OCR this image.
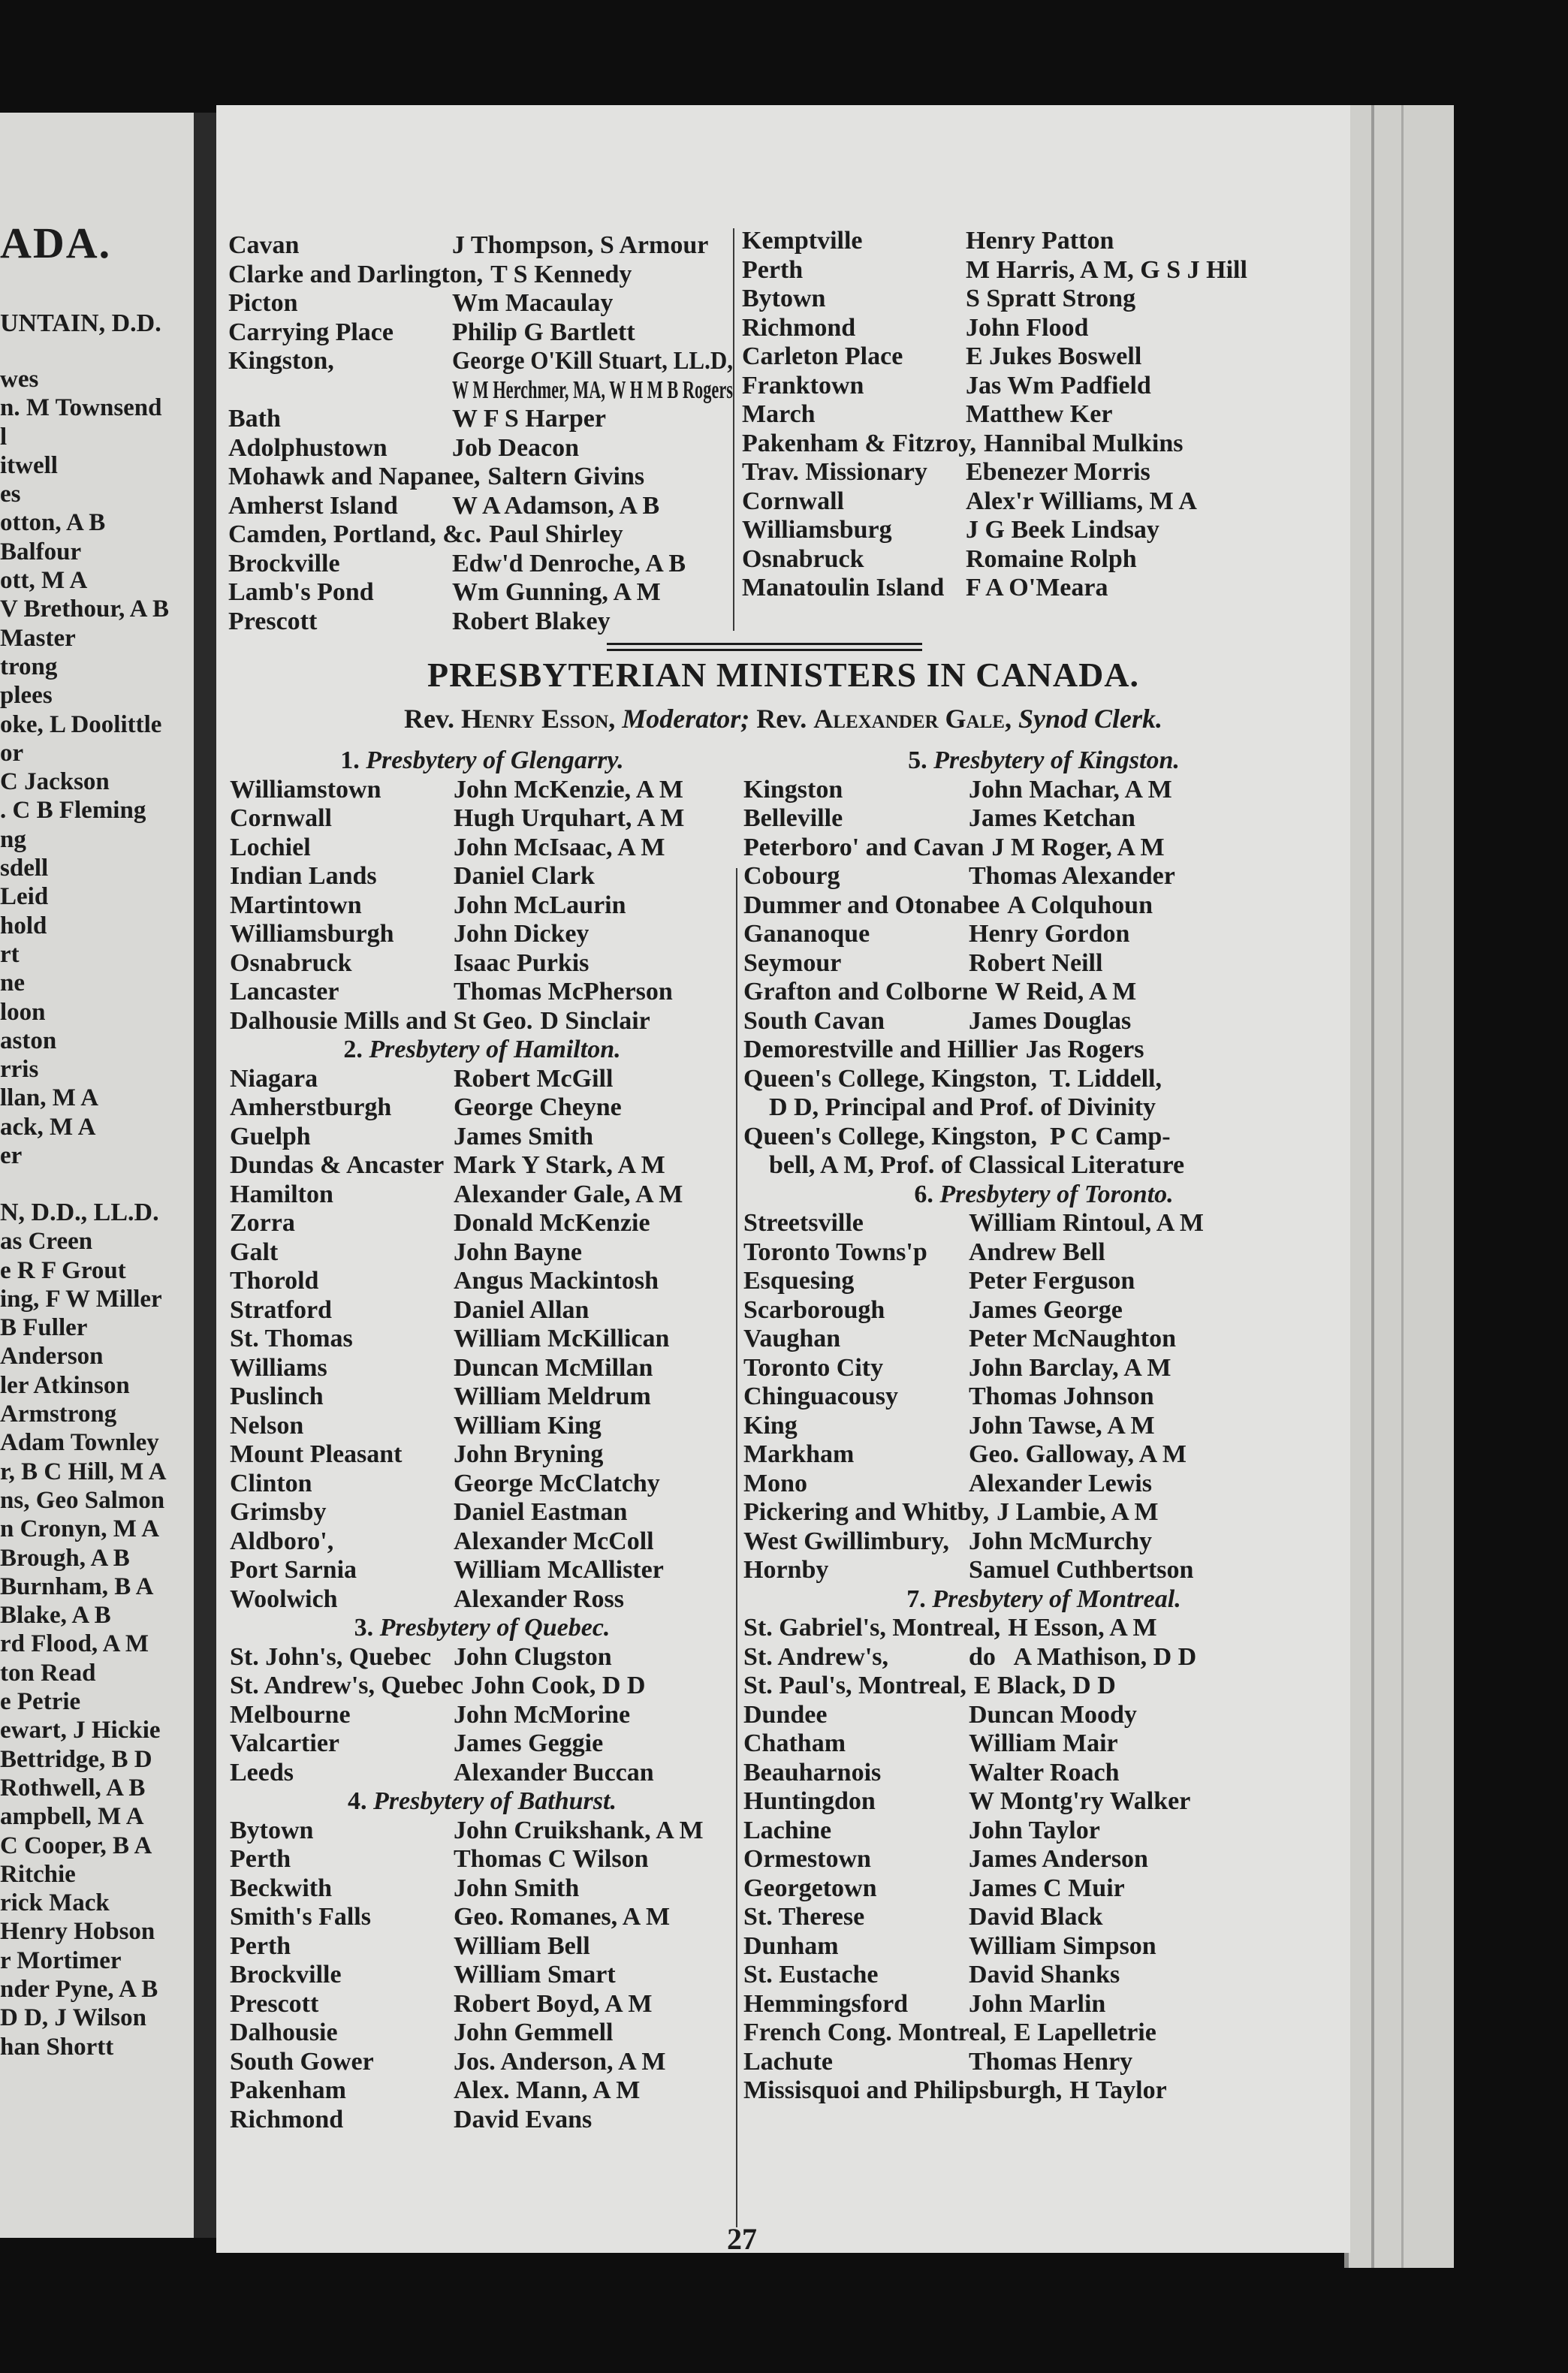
ADA.
UNTAIN, D.D.
wes
n. M Townsend
l
itwell
es
otton, A B
Balfour
ott, M A
V Brethour, A B
Master
trong
plees
oke, L Doolittle
or
C Jackson
. C B Fleming
ng
sdell
Leid
hold
rt
ne
loon
aston
rris
llan, M A
ack, M A
er
N, D.D., LL.D.
as Creen
e R F Grout
ing, F W Miller
B Fuller
Anderson
ler Atkinson
Armstrong
Adam Townley
r, B C Hill, M A
ns, Geo Salmon
n Cronyn, M A
Brough, A B
Burnham, B A
Blake, A B
rd Flood, A M
ton Read
e Petrie
ewart, J Hickie
Bettridge, B D
Rothwell, A B
ampbell, M A
C Cooper, B A
Ritchie
rick Mack
Henry Hobson
r Mortimer
nder Pyne, A B
D D, J Wilson
han Shortt
Cavan	J Thompson, S Armour
Clarke and Darlington, T S Kennedy
Picton	Wm Macaulay
Carrying Place Philip G Bartlett
Kingston,	George O'Kill Stuart, LL.D,
W M Herchmer, MA, W H M B Rogers
Bath	W F S Harper
Adolphustown	Job Deacon
Mohawk and Napanee, Saltern Givins
Amherst Island W A Adamson, A B
Camden, Portland, &c. Paul Shirley
Brockville	Edw'd Denroche, A B
Lamb's Pond	Wm Gunning, A M
Prescott	Robert Blakey
Kemptville	Henry Patton
Perth	M Harris, A M, G S J Hill
Bytown	S Spratt Strong
Richmond	John Flood
Carleton Place E Jukes Boswell
Franktown	Jas Wm Padfield
March	Matthew Ker
Pakenham & Fitzroy, Hannibal Mulkins
Trav. Missionary Ebenezer Morris
Cornwall	Alex'r Williams, M A
Williamsburg	J G Beek Lindsay
Osnabruck	Romaine Rolph
Manatoulin Island F A O'Meara
PRESBYTERIAN MINISTERS IN CANADA.
Rev. Henry Esson, Moderator; Rev. Alexander Gale, Synod Clerk.
1. Presbytery of Glengarry.
Williamstown	John McKenzie, A M
Cornwall	Hugh Urquhart, A M
Lochiel	John McIsaac, A M
Indian Lands	Daniel Clark
Martintown	John McLaurin
Williamsburgh John Dickey
Osnabruck	Isaac Purkis
Lancaster	Thomas McPherson
Dalhousie Mills and St Geo. D Sinclair
2. Presbytery of Hamilton.
Niagara	Robert McGill
Amherstburgh George Cheyne
Guelph	James Smith
Dundas & Ancaster Mark Y Stark, A M
Hamilton	Alexander Gale, A M
Zorra	Donald McKenzie
Galt	John Bayne
Thorold	Angus Mackintosh
Stratford	Daniel Allan
St. Thomas	William McKillican
Williams	Duncan McMillan
Puslinch	William Meldrum
Nelson	William King
Mount Pleasant John Bryning
Clinton	George McClatchy
Grimsby	Daniel Eastman
Aldboro',	Alexander McColl
Port Sarnia	William McAllister
Woolwich	Alexander Ross
3. Presbytery of Quebec.
St. John's, Quebec John Clugston
St. Andrew's, Quebec John Cook, D D
Melbourne	John McMorine
Valcartier	James Geggie
Leeds	Alexander Buccan
4. Presbytery of Bathurst.
Bytown	John Cruikshank, A M
Perth	Thomas C Wilson
Beckwith	John Smith
Smith's Falls	Geo. Romanes, A M
Perth	William Bell
Brockville	William Smart
Prescott	Robert Boyd, A M
Dalhousie	John Gemmell
South Gower	Jos. Anderson, A M
Pakenham	Alex. Mann, A M
Richmond	David Evans
5. Presbytery of Kingston.
Kingston	John Machar, A M
Belleville	James Ketchan
Peterboro' and Cavan J M Roger, A M
Cobourg	Thomas Alexander
Dummer and Otonabee A Colquhoun
Gananoque	Henry Gordon
Seymour	Robert Neill
Grafton and Colborne W Reid, A M
South Cavan	James Douglas
Demorestville and Hillier Jas Rogers
Queen's College, Kingston,  T. Liddell,
D D, Principal and Prof. of Divinity
Queen's College, Kingston,  P C Camp-
bell, A M, Prof. of Classical Literature
6. Presbytery of Toronto.
Streetsville	William Rintoul, A M
Toronto Towns'p Andrew Bell
Esquesing	Peter Ferguson
Scarborough	James George
Vaughan	Peter McNaughton
Toronto City	John Barclay, A M
Chinguacousy	Thomas Johnson
King	John Tawse, A M
Markham	Geo. Galloway, A M
Mono	Alexander Lewis
Pickering and Whitby, J Lambie, A M
West Gwillimbury, John McMurchy
Hornby	Samuel Cuthbertson
7. Presbytery of Montreal.
St. Gabriel's, Montreal, H Esson, A M
St. Andrew's,	do   A Mathison, D D
St. Paul's, Montreal, E Black, D D
Dundee	Duncan Moody
Chatham	William Mair
Beauharnois	Walter Roach
Huntingdon	W Montg'ry Walker
Lachine	John Taylor
Ormestown	James Anderson
Georgetown	James C Muir
St. Therese	David Black
Dunham	William Simpson
St. Eustache	David Shanks
Hemmingsford John Marlin
French Cong. Montreal, E Lapelletrie
Lachute	Thomas Henry
Missisquoi and Philipsburgh, H Taylor
27
